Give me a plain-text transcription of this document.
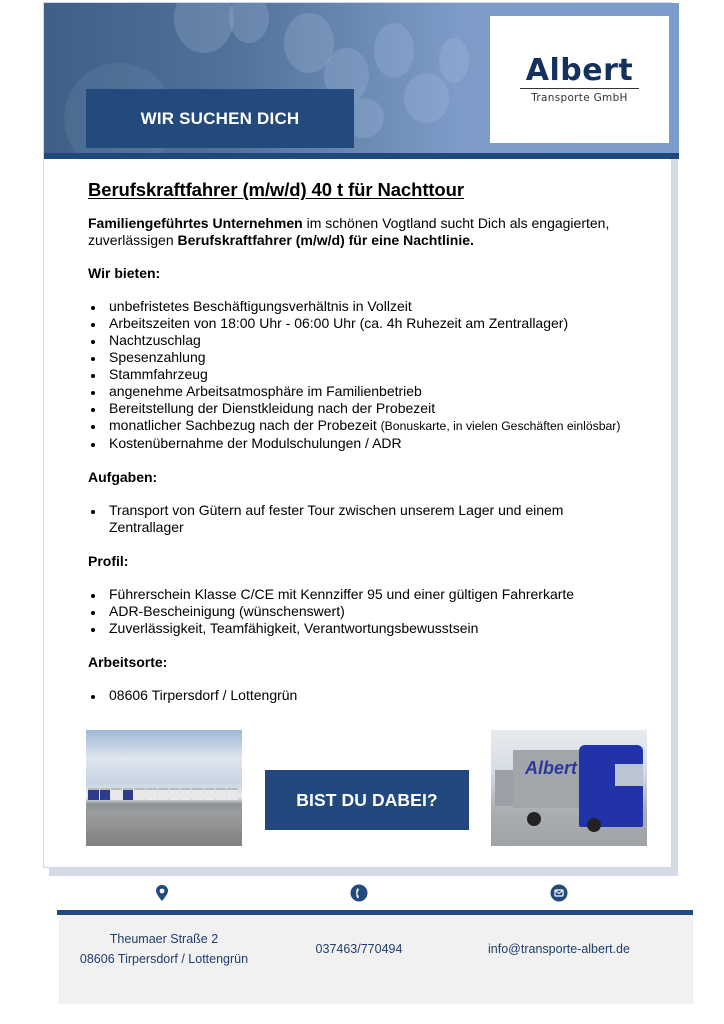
WIR SUCHEN DICH
Albert
Transporte GmbH
Berufskraftfahrer (m/w/d) 40 t für Nachttour

Familiengeführtes Unternehmen im schönen Vogtland sucht Dich als engagierten, zuverlässigen Berufskraftfahrer (m/w/d) für eine Nachtlinie.

Wir bieten:
unbefristetes Beschäftigungsverhältnis in Vollzeit
Arbeitszeiten von 18:00 Uhr - 06:00 Uhr (ca. 4h Ruhezeit am Zentrallager)
Nachtzuschlag
Spesenzahlung
Stammfahrzeug
angenehme Arbeitsatmosphäre im Familienbetrieb
Bereitstellung der Dienstkleidung nach der Probezeit
monatlicher Sachbezug nach der Probezeit (Bonuskarte, in vielen Geschäften einlösbar)
Kostenübernahme der Modulschulungen / ADR
Aufgaben:
Transport von Gütern auf fester Tour zwischen unserem Lager und einem Zentrallager
Profil:
Führerschein Klasse C/CE mit Kennziffer 95 und einer gültigen Fahrerkarte
ADR-Bescheinigung (wünschenswert)
Zuverlässigkeit, Teamfähigkeit, Verantwortungsbewusstsein
Arbeitsorte:
08606 Tirpersdorf / Lottengrün
BIST DU DABEI?
Albert
Theumaer Straße 2
08606 Tirpersdorf / Lottengrün
037463/770494	info@transporte-albert.de
